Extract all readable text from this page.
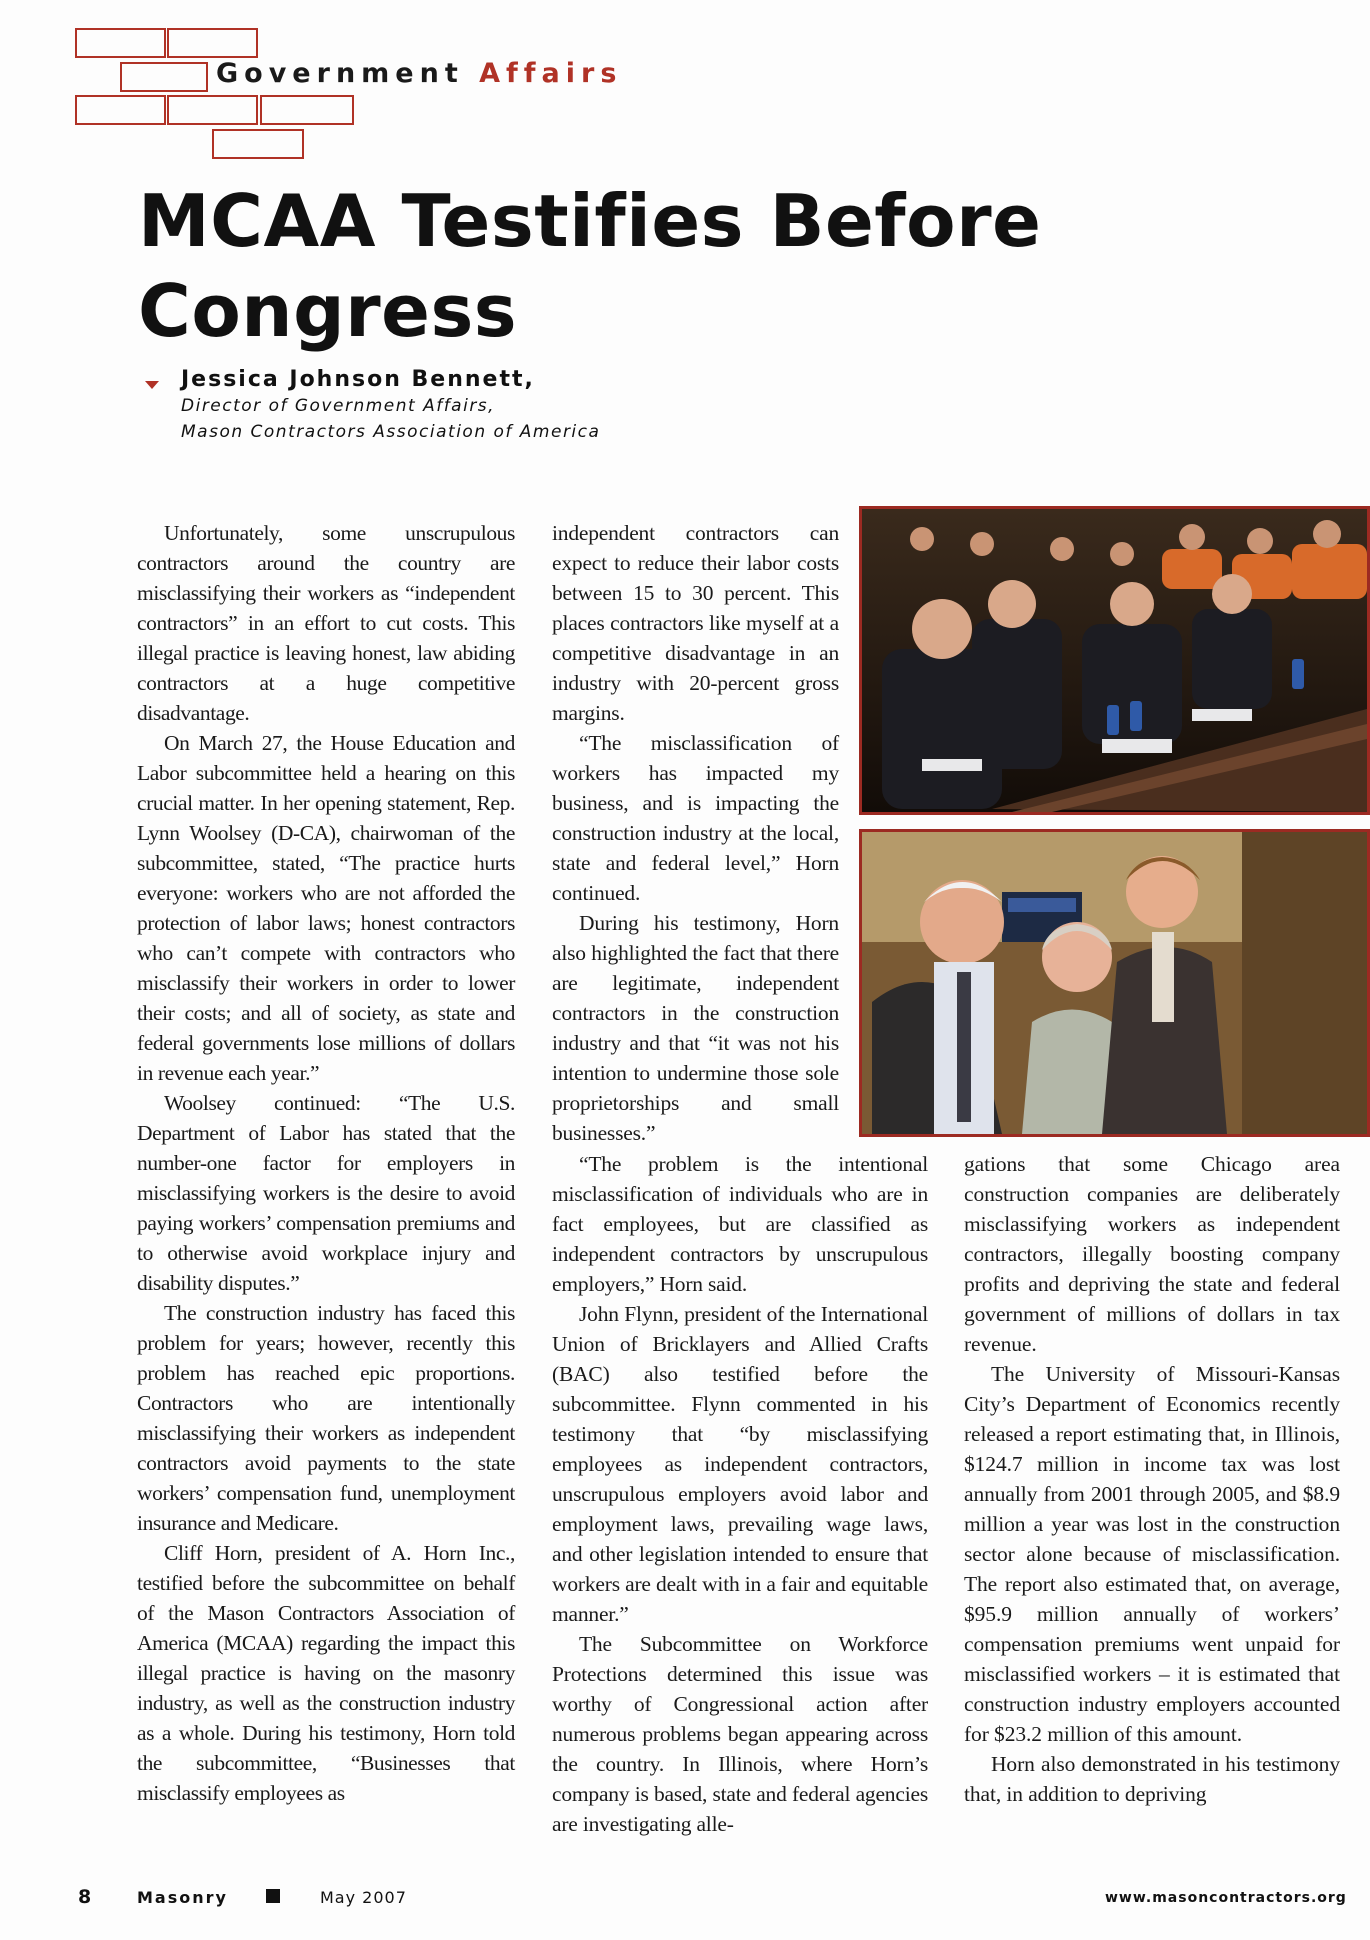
Government Affairs
MCAA Testifies Before Congress
Jessica Johnson Bennett,
Director of Government Affairs,
Mason Contractors Association of America

Unfortunately, some unscrupulous contractors around the country are misclassifying their workers as “independent contractors” in an effort to cut costs. This illegal practice is leaving honest, law abiding contractors at a huge competitive disadvantage.

On March 27, the House Education and Labor subcommittee held a hearing on this crucial matter. In her opening statement, Rep. Lynn Woolsey (D-CA), chairwoman of the subcommittee, stated, “The practice hurts everyone: workers who are not afforded the protection of labor laws; honest contractors who can’t compete with contractors who misclassify their workers in order to lower their costs; and all of society, as state and federal governments lose millions of dollars in revenue each year.”

Woolsey continued: “The U.S. Department of Labor has stated that the number-one factor for employers in misclassifying workers is the desire to avoid paying workers’ compensation premiums and to otherwise avoid workplace injury and disability disputes.”

The construction industry has faced this problem for years; however, recently this problem has reached epic proportions. Contractors who are intentionally misclassifying their workers as independent contractors avoid payments to the state workers’ compensation fund, unemployment insurance and Medicare.

Cliff Horn, president of A. Horn Inc., testified before the subcommittee on behalf of the Mason Contractors Association of America (MCAA) regarding the impact this illegal practice is having on the masonry industry, as well as the construction industry as a whole. During his testimony, Horn told the subcommittee, “Businesses that misclassify employees as

independent contractors can expect to reduce their labor costs between 15 to 30 percent. This places contractors like myself at a competitive disadvantage in an industry with 20-percent gross margins.

“The misclassification of workers has impacted my business, and is impacting the construction industry at the local, state and federal level,” Horn continued.

During his testimony, Horn also highlighted the fact that there are legitimate, independent contractors in the construction industry and that “it was not his intention to undermine those sole proprietorships and small businesses.”

“The problem is the intentional misclassification of individuals who are in fact employees, but are classified as independent contractors by unscrupulous employers,” Horn said.

John Flynn, president of the International Union of Bricklayers and Allied Crafts (BAC) also testified before the subcommittee. Flynn commented in his testimony that “by misclassifying employees as independent contractors, unscrupulous employers avoid labor and employment laws, prevailing wage laws, and other legislation intended to ensure that workers are dealt with in a fair and equitable manner.”

The Subcommittee on Workforce Protections determined this issue was worthy of Congressional action after numerous problems began appearing across the country. In Illinois, where Horn’s company is based, state and federal agencies are investigating alle-

gations that some Chicago area construction companies are deliberately misclassifying workers as independent contractors, illegally boosting company profits and depriving the state and federal government of millions of dollars in tax revenue.

The University of Missouri-Kansas City’s Department of Economics recently released a report estimating that, in Illinois, $124.7 million in income tax was lost annually from 2001 through 2005, and $8.9 million a year was lost in the construction sector alone because of misclassification. The report also estimated that, on average, $95.9 million annually of workers’ compensation premiums went unpaid for misclassified workers – it is estimated that construction industry employers accounted for $23.2 million of this amount.

Horn also demonstrated in his testimony that, in addition to depriving

8	Masonry	May 2007	www.masoncontractors.org
